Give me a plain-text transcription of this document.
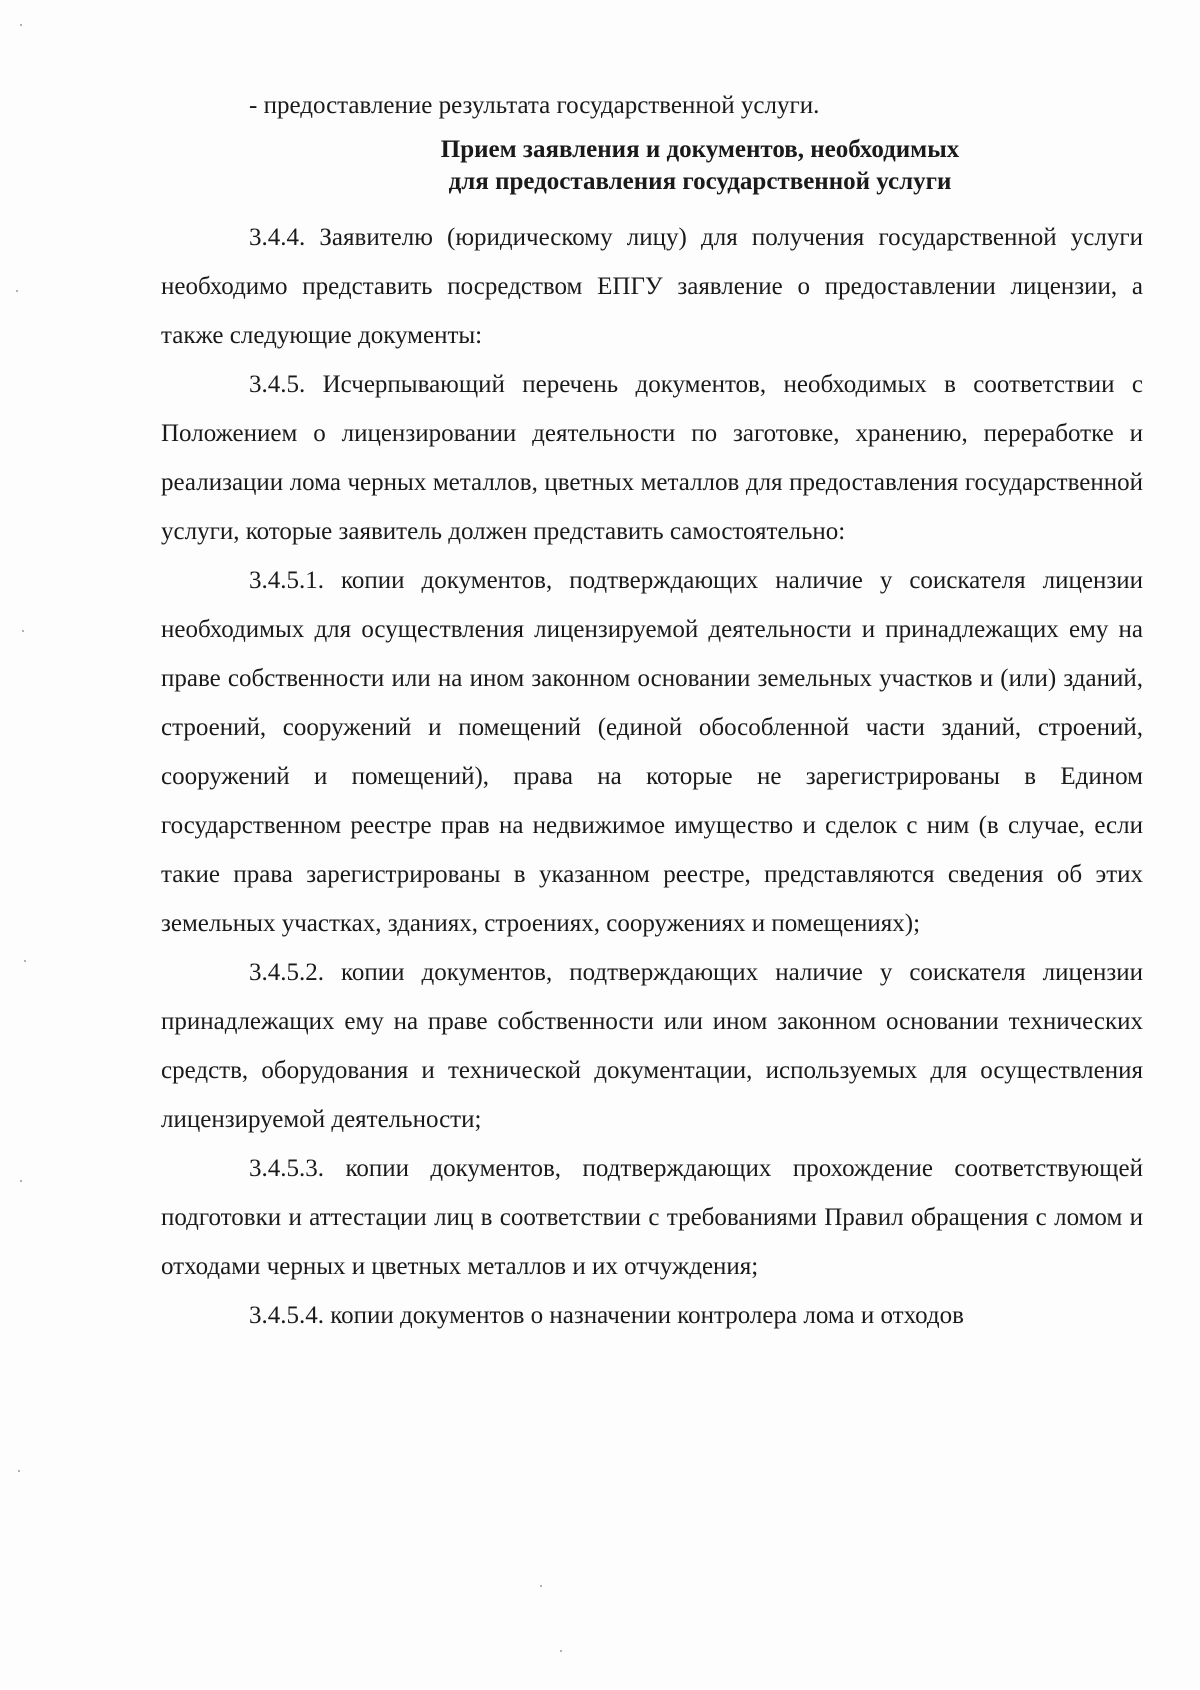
- предоставление результата государственной услуги.

Прием заявления и документов, необходимых
для предоставления государственной услуги

3.4.4. Заявителю (юридическому лицу) для получения государственной услуги необходимо представить посредством ЕПГУ заявление о предоставлении лицензии, а также следующие документы:

3.4.5. Исчерпывающий перечень документов, необходимых в соответствии с Положением о лицензировании деятельности по заготовке, хранению, переработке и реализации лома черных металлов, цветных металлов для предоставления государственной услуги, которые заявитель должен представить самостоятельно:

3.4.5.1. копии документов, подтверждающих наличие у соискателя лицензии необходимых для осуществления лицензируемой деятельности и принадлежащих ему на праве собственности или на ином законном основании земельных участков и (или) зданий, строений, сооружений и помещений (единой обособленной части зданий, строений, сооружений и помещений), права на которые не зарегистрированы в Едином государственном реестре прав на недвижимое имущество и сделок с ним (в случае, если такие права зарегистрированы в указанном реестре, представляются сведения об этих земельных участках, зданиях, строениях, сооружениях и помещениях);

3.4.5.2. копии документов, подтверждающих наличие у соискателя лицензии принадлежащих ему на праве собственности или ином законном основании технических средств, оборудования и технической документации, используемых для осуществления лицензируемой деятельности;

3.4.5.3. копии документов, подтверждающих прохождение соответствующей подготовки и аттестации лиц в соответствии с требованиями Правил обращения с ломом и отходами черных и цветных металлов и их отчуждения;

3.4.5.4. копии документов о назначении контролера лома и отходов
